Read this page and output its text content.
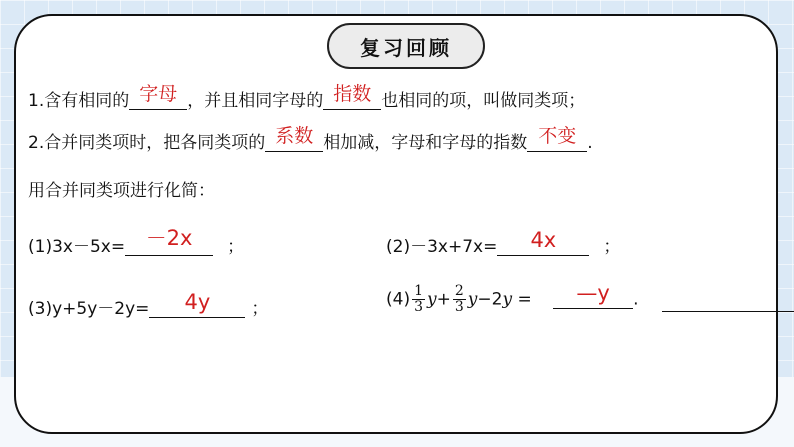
复习回顾
1.含有相同的 字母 ，并且相同字母的 指数 也相同的项，叫做同类项；
2.合并同类项时，把各同类项的 系数 相加减，字母和字母的指数 不变 .
用合并同类项进行化简：
(1)3x－5x= －2x	；	(2)－3x+7x=	4x	；
(3)y+5y－2y=	4y	；	$(4) \frac{1}{3} y+ \frac{2}{3} y-2y$ =	—y	.
